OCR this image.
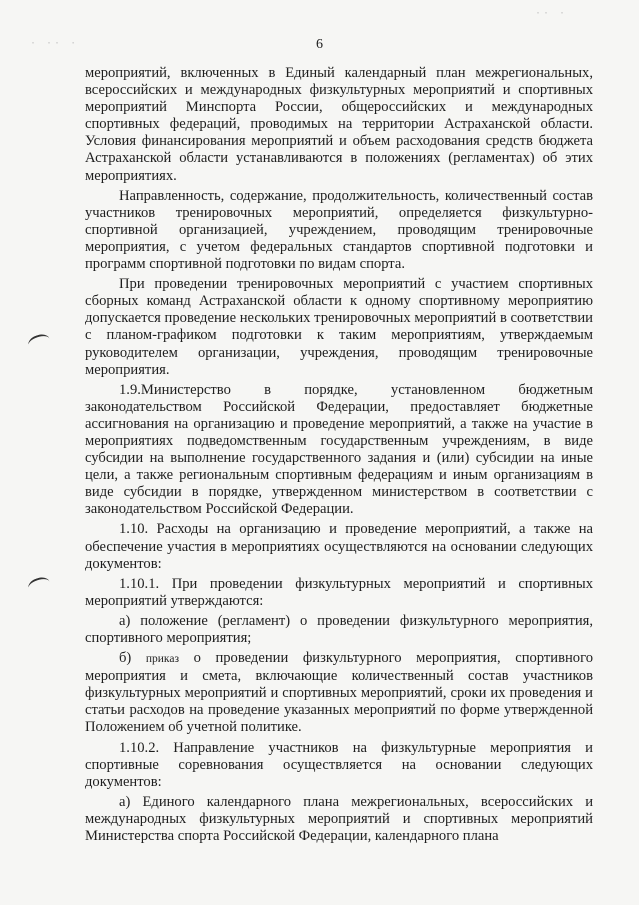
6

мероприятий, включенных в Единый календарный план межрегиональных, всероссийских и международных физкультурных мероприятий и спортивных мероприятий Минспорта России, общероссийских и международных спортивных федераций, проводимых на территории Астраханской области. Условия финансирования мероприятий и объем расходования средств бюджета Астраханской области устанавливаются в положениях (регламентах) об этих мероприятиях.

Направленность, содержание, продолжительность, количественный состав участников тренировочных мероприятий, определяется физкультурно-спортивной организацией, учреждением, проводящим тренировочные мероприятия, с учетом федеральных стандартов спортивной подготовки и программ спортивной подготовки по видам спорта.

При проведении тренировочных мероприятий с участием спортивных сборных команд Астраханской области к одному спортивному мероприятию допускается проведение нескольких тренировочных мероприятий в соответствии с планом-графиком подготовки к таким мероприятиям, утверждаемым руководителем организации, учреждения, проводящим тренировочные мероприятия.

1.9.Министерство в порядке, установленном бюджетным законодательством Российской Федерации, предоставляет бюджетные ассигнования на организацию и проведение мероприятий, а также на участие в мероприятиях подведомственным государственным учреждениям, в виде субсидии на выполнение государственного задания и (или) субсидии на иные цели, а также региональным спортивным федерациям и иным организациям в виде субсидии в порядке, утвержденном министерством в соответствии с законодательством Российской Федерации.

1.10. Расходы на организацию и проведение мероприятий, а также на обеспечение участия в мероприятиях осуществляются на основании следующих документов:

1.10.1. При проведении физкультурных мероприятий и спортивных мероприятий утверждаются:

а) положение (регламент) о проведении физкультурного мероприятия, спортивного мероприятия;

б) приказ о проведении физкультурного мероприятия, спортивного мероприятия и смета, включающие количественный состав участников физкультурных мероприятий и спортивных мероприятий, сроки их проведения и статьи расходов на проведение указанных мероприятий по форме утвержденной Положением об учетной политике.

1.10.2. Направление участников на физкультурные мероприятия и спортивные соревнования осуществляется на основании следующих документов:

а) Единого календарного плана межрегиональных, всероссийских и международных физкультурных мероприятий и спортивных мероприятий Министерства спорта Российской Федерации, календарного плана

· ·· ·
·· ·
